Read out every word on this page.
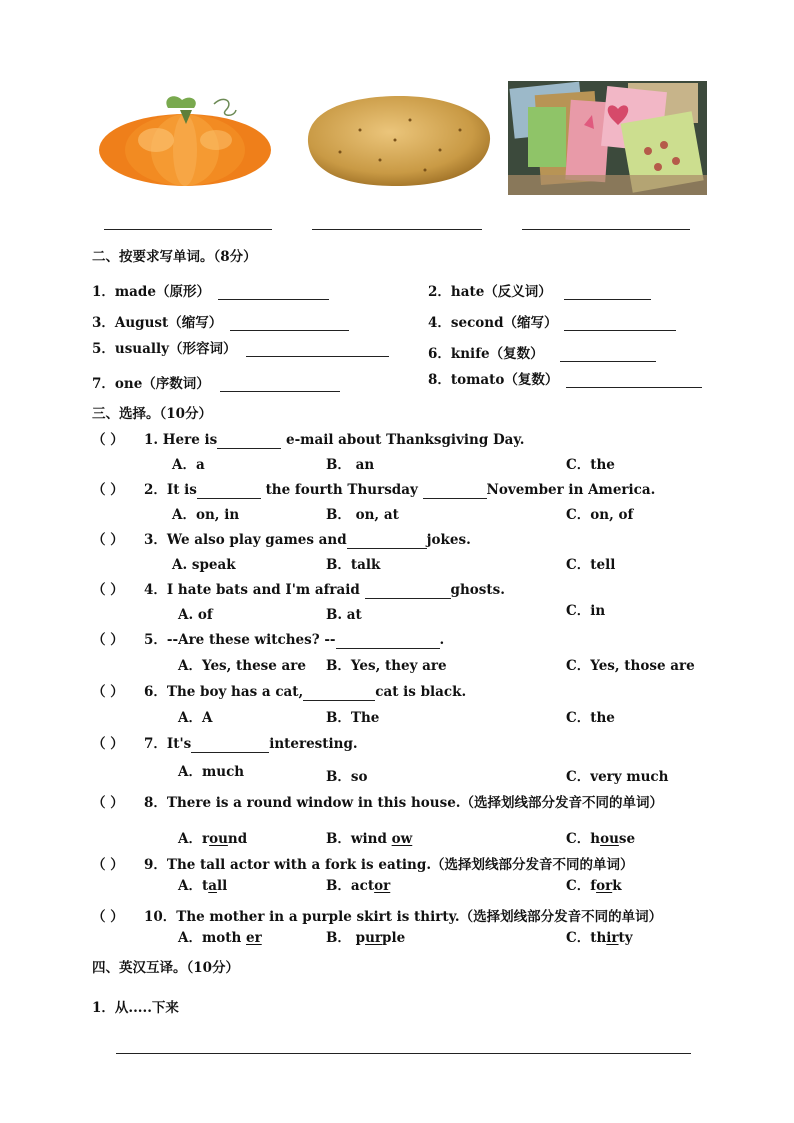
二、按要求写单词。（8分）
1．made（原形）	2．hate（反义词）
3．August（缩写）	4．second（缩写）
5．usually（形容词）	6．knife（复数）
7．one（序数词）	8．tomato（复数）
三、选择。（10分）
（ ） 1. Here is	e-mail about Thanksgiving Day.
A．a	B． an	C．the
（ ） 2．It is	the fourth Thursday	November in America.
A．on, in	B． on, at	C．on, of
（ ） 3．We also play games and	jokes.
A. speak	B．talk	C．tell
（ ） 4．I hate bats and I'm afraid	ghosts.
A. of	B. at	C．in
（ ） 5．--Are these witches? --	.
A．Yes, these are B．Yes, they are	C．Yes, those are
（ ） 6．The boy has a cat,	cat is black.
A．A	B．The	C．the
（ ） 7．It's	interesting.
A．much	B．so	C．very much
（ ） 8．There is a round window in this house.（选择划线部分发音不同的单词）
A．round	B．wind ow	C．house
（ ） 9．The tall actor with a fork is eating.（选择划线部分发音不同的单词）
A．tall	B．actor	C．fork
（ ） 10．The mother in a purple skirt is thirty.（选择划线部分发音不同的单词）
A．moth er	B． purple	C．thirty
四、英汉互译。（10分）
1．从.....下来
